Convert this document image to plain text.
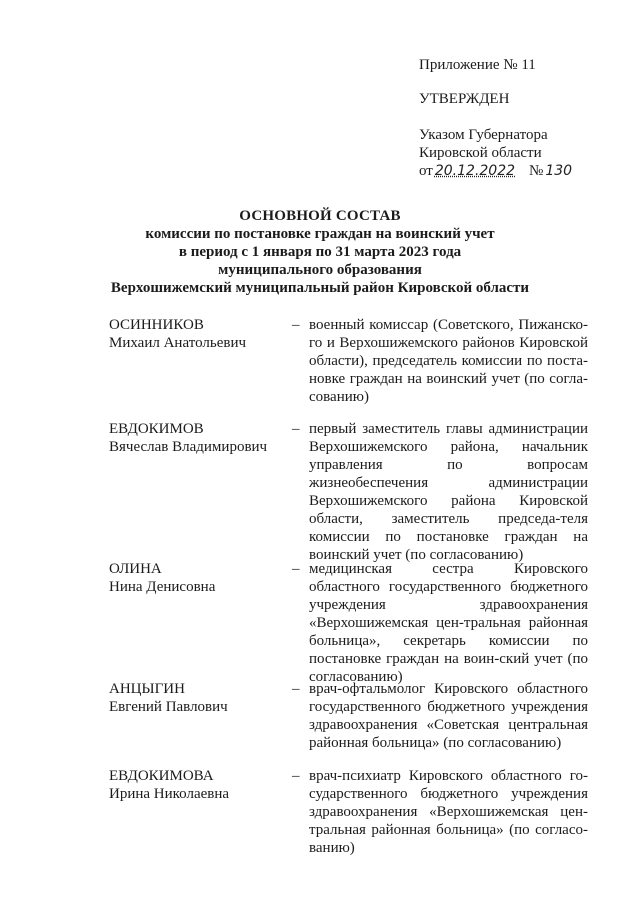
Приложение № 11
УТВЕРЖДЕН
Указом Губернатора
Кировской области
от 20.12.2022 № 130
ОСНОВНОЙ СОСТАВ
комиссии по постановке граждан на воинский учет
в период с 1 января по 31 марта 2023 года
муниципального образования
Верхошижемский муниципальный район Кировской области
ОСИННИКОВ
Михаил Анатольевич
– военный комиссар (Советского, Пижанско-го и Верхошижемского районов Кировской области), председатель комиссии по поста-новке граждан на воинский учет (по согла-сованию)
ЕВДОКИМОВ
Вячеслав Владимирович
– первый заместитель главы администрации Верхошижемского района, начальник управления по вопросам жизнеобеспечения администрации Верхошижемского района Кировской области, заместитель председа-теля комиссии по постановке граждан на воинский учет (по согласованию)
ОЛИНА
Нина Денисовна
– медицинская сестра Кировского областного государственного бюджетного учреждения здравоохранения «Верхошижемская цен-тральная районная больница», секретарь комиссии по постановке граждан на воин-ский учет (по согласованию)
АНЦЫГИН
Евгений Павлович
– врач-офтальмолог Кировского областного государственного бюджетного учреждения здравоохранения «Советская центральная районная больница» (по согласованию)
ЕВДОКИМОВА
Ирина Николаевна
– врач-психиатр Кировского областного го-сударственного бюджетного учреждения здравоохранения «Верхошижемская цен-тральная районная больница» (по согласо-ванию)
